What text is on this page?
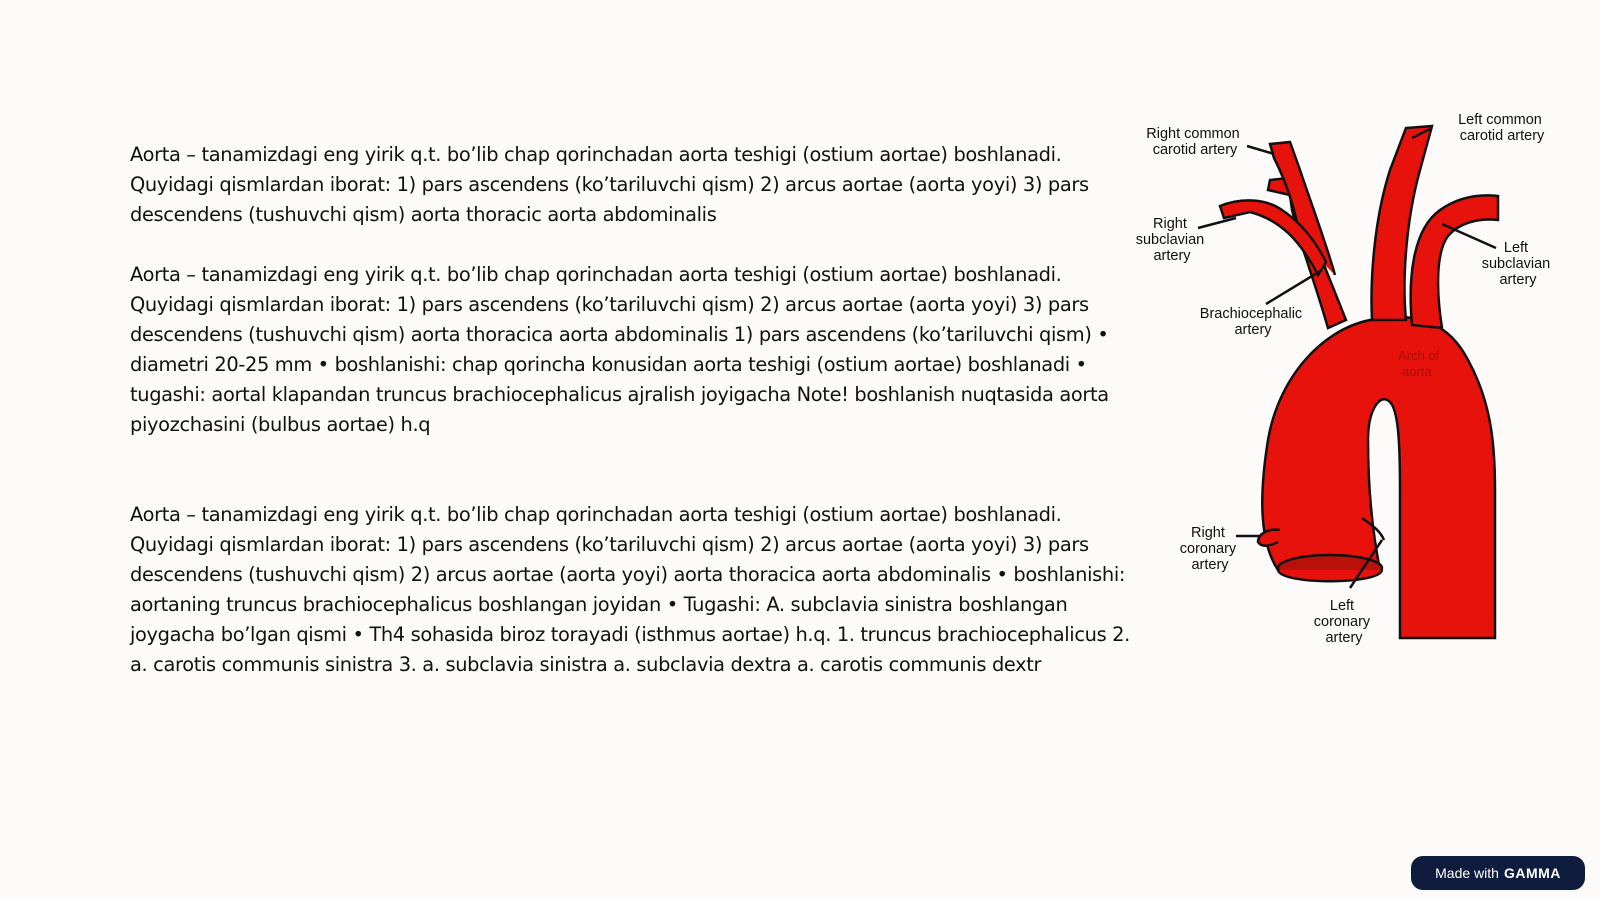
Aorta – tanamizdagi eng yirik q.t. bo’lib chap qorinchadan aorta teshigi (ostium aortae) boshlanadi. Quyidagi qismlardan iborat: 1) pars ascendens (ko’tariluvchi qism) 2) arcus aortae (aorta yoyi) 3) pars descendens (tushuvchi qism) aorta thoracic aorta abdominalis

Aorta – tanamizdagi eng yirik q.t. bo’lib chap qorinchadan aorta teshigi (ostium aortae) boshlanadi. Quyidagi qismlardan iborat: 1) pars ascendens (ko’tariluvchi qism) 2) arcus aortae (aorta yoyi) 3) pars descendens (tushuvchi qism) aorta thoracica aorta abdominalis 1) pars ascendens (ko’tariluvchi qism) • diametri 20-25 mm • boshlanishi: chap qorincha konusidan aorta teshigi (ostium aortae) boshlanadi • tugashi: aortal klapandan truncus brachiocephalicus ajralish joyigacha Note! boshlanish nuqtasida aorta piyozchasini (bulbus aortae) h.q

Aorta – tanamizdagi eng yirik q.t. bo’lib chap qorinchadan aorta teshigi (ostium aortae) boshlanadi. Quyidagi qismlardan iborat: 1) pars ascendens (ko’tariluvchi qism) 2) arcus aortae (aorta yoyi) 3) pars descendens (tushuvchi qism) 2) arcus aortae (aorta yoyi) aorta thoracica aorta abdominalis • boshlanishi: aortaning truncus brachiocephalicus boshlangan joyidan • Tugashi: A. subclavia sinistra boshlangan joygacha bo’lgan qismi • Th4 sohasida biroz torayadi (isthmus aortae) h.q. 1. truncus brachiocephalicus 2. a. carotis communis sinistra 3. a. subclavia sinistra a. subclavia dextra a. carotis communis dextr

Arch of
aorta
Right common carotid artery
Left common carotid artery
Right subclavian artery	Left subclavian artery
Brachiocephalic artery
Right coronary artery
Left coronary artery
Made with GAMMA
